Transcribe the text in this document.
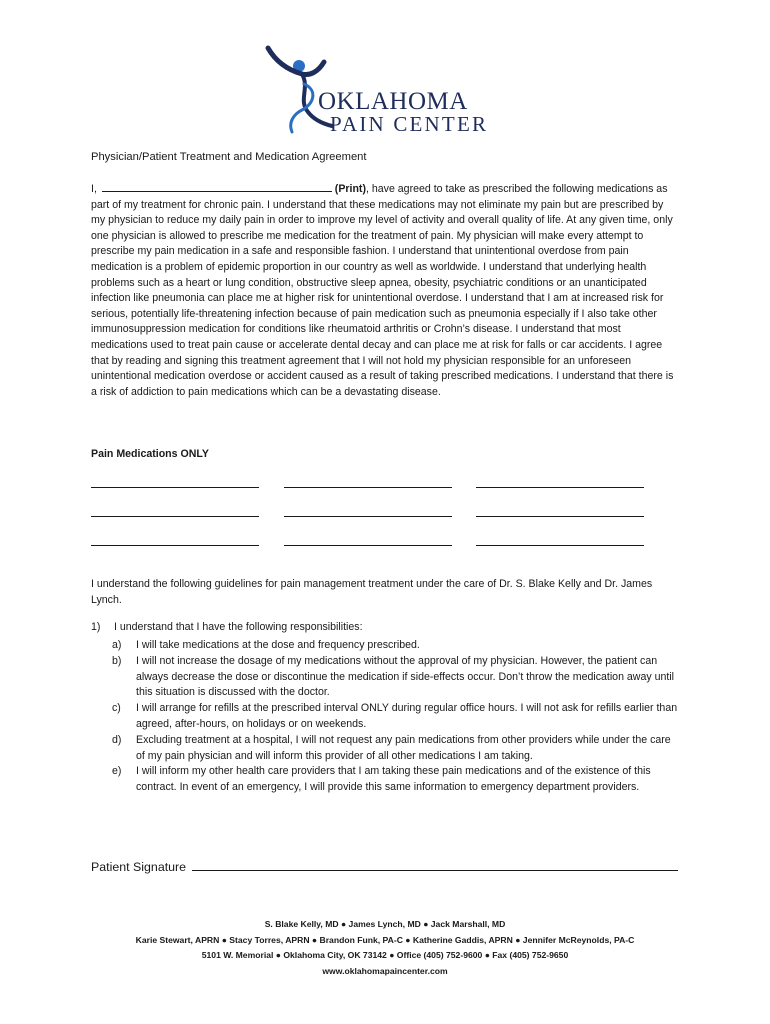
OKLAHOMA
PAIN CENTER
Physician/Patient Treatment and Medication Agreement

I,	(Print), have agreed to take as prescribed the following medications as part of my treatment for chronic pain. I understand that these medications may not eliminate my pain but are prescribed by my physician to reduce my daily pain in order to improve my level of activity and overall quality of life. At any given time, only one physician is allowed to prescribe me medication for the treatment of pain. My physician will make every attempt to prescribe my pain medication in a safe and responsible fashion. I understand that unintentional overdose from pain medication is a problem of epidemic proportion in our country as well as worldwide. I understand that underlying health problems such as a heart or lung condition, obstructive sleep apnea, obesity, psychiatric conditions or an unanticipated infection like pneumonia can place me at higher risk for unintentional overdose. I understand that I am at increased risk for serious, potentially life-threatening infection because of pain medication such as pneumonia especially if I also take other immunosuppression medication for conditions like rheumatoid arthritis or Crohn’s disease. I understand that most medications used to treat pain cause or accelerate dental decay and can place me at risk for falls or car accidents. I agree that by reading and signing this treatment agreement that I will not hold my physician responsible for an unforeseen unintentional medication overdose or accident caused as a result of taking prescribed medications. I understand that there is a risk of addiction to pain medications which can be a devastating disease.

Pain Medications ONLY

I understand the following guidelines for pain management treatment under the care of Dr. S. Blake Kelly and Dr. James Lynch.

1) I understand that I have the following responsibilities:
a) I will take medications at the dose and frequency prescribed.
b) I will not increase the dosage of my medications without the approval of my physician. However, the patient can always decrease the dose or discontinue the medication if side-effects occur. Don’t throw the medication away until this situation is discussed with the doctor.
c) I will arrange for refills at the prescribed interval ONLY during regular office hours. I will not ask for refills earlier than agreed, after-hours, on holidays or on weekends.
d) Excluding treatment at a hospital, I will not request any pain medications from other providers while under the care of my pain physician and will inform this provider of all other medications I am taking.
e) I will inform my other health care providers that I am taking these pain medications and of the existence of this contract. In event of an emergency, I will provide this same information to emergency department providers.
Patient Signature
S. Blake Kelly, MD ● James Lynch, MD ● Jack Marshall, MD
Karie Stewart, APRN ● Stacy Torres, APRN ● Brandon Funk, PA-C ● Katherine Gaddis, APRN ● Jennifer McReynolds, PA-C
5101 W. Memorial ● Oklahoma City, OK 73142 ● Office (405) 752-9600 ● Fax (405) 752-9650
www.oklahomapaincenter.com
